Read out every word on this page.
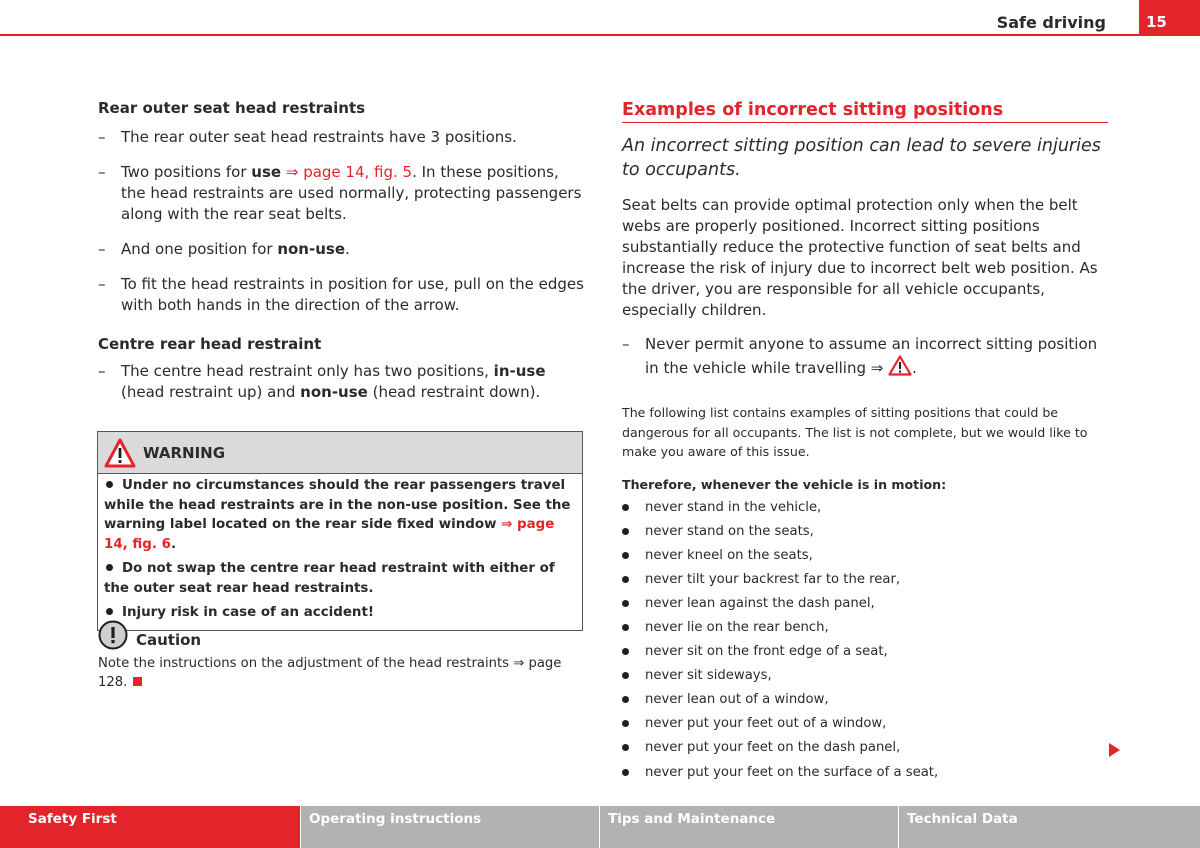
Safe driving	15

Rear outer seat head restraints

– The rear outer seat head restraints have 3 positions.
– Two positions for use ⇒ page 14, fig. 5. In these positions, the head restraints are used normally, protecting passengers along with the rear seat belts.
– And one position for non-use.
– To fit the head restraints in position for use, pull on the edges with both hands in the direction of the arrow.

Centre rear head restraint

– The centre head restraint only has two positions, in-use (head restraint up) and non-use (head restraint down).
WARNING
Under no circumstances should the rear passengers travel while the head restraints are in the non-use position. See the warning label located on the rear side fixed window ⇒ page 14, fig. 6.
Do not swap the centre rear head restraint with either of the outer seat rear head restraints.
Injury risk in case of an accident!
Caution
Note the instructions on the adjustment of the head restraints ⇒ page 128.
Examples of incorrect sitting positions
An incorrect sitting position can lead to severe injuries to occupants.
Seat belts can provide optimal protection only when the belt webs are properly positioned. Incorrect sitting positions substantially reduce the protective function of seat belts and increase the risk of injury due to incorrect belt web position. As the driver, you are responsible for all vehicle occupants, especially children.
– Never permit anyone to assume an incorrect sitting position in the vehicle while travelling ⇒ .
The following list contains examples of sitting positions that could be dangerous for all occupants. The list is not complete, but we would like to make you aware of this issue.
Therefore, whenever the vehicle is in motion:
never stand in the vehicle,
never stand on the seats,
never kneel on the seats,
never tilt your backrest far to the rear,
never lean against the dash panel,
never lie on the rear bench,
never sit on the front edge of a seat,
never sit sideways,
never lean out of a window,
never put your feet out of a window,
never put your feet on the dash panel,
never put your feet on the surface of a seat,
Safety First	Operating instructions	Tips and Maintenance	Technical Data
